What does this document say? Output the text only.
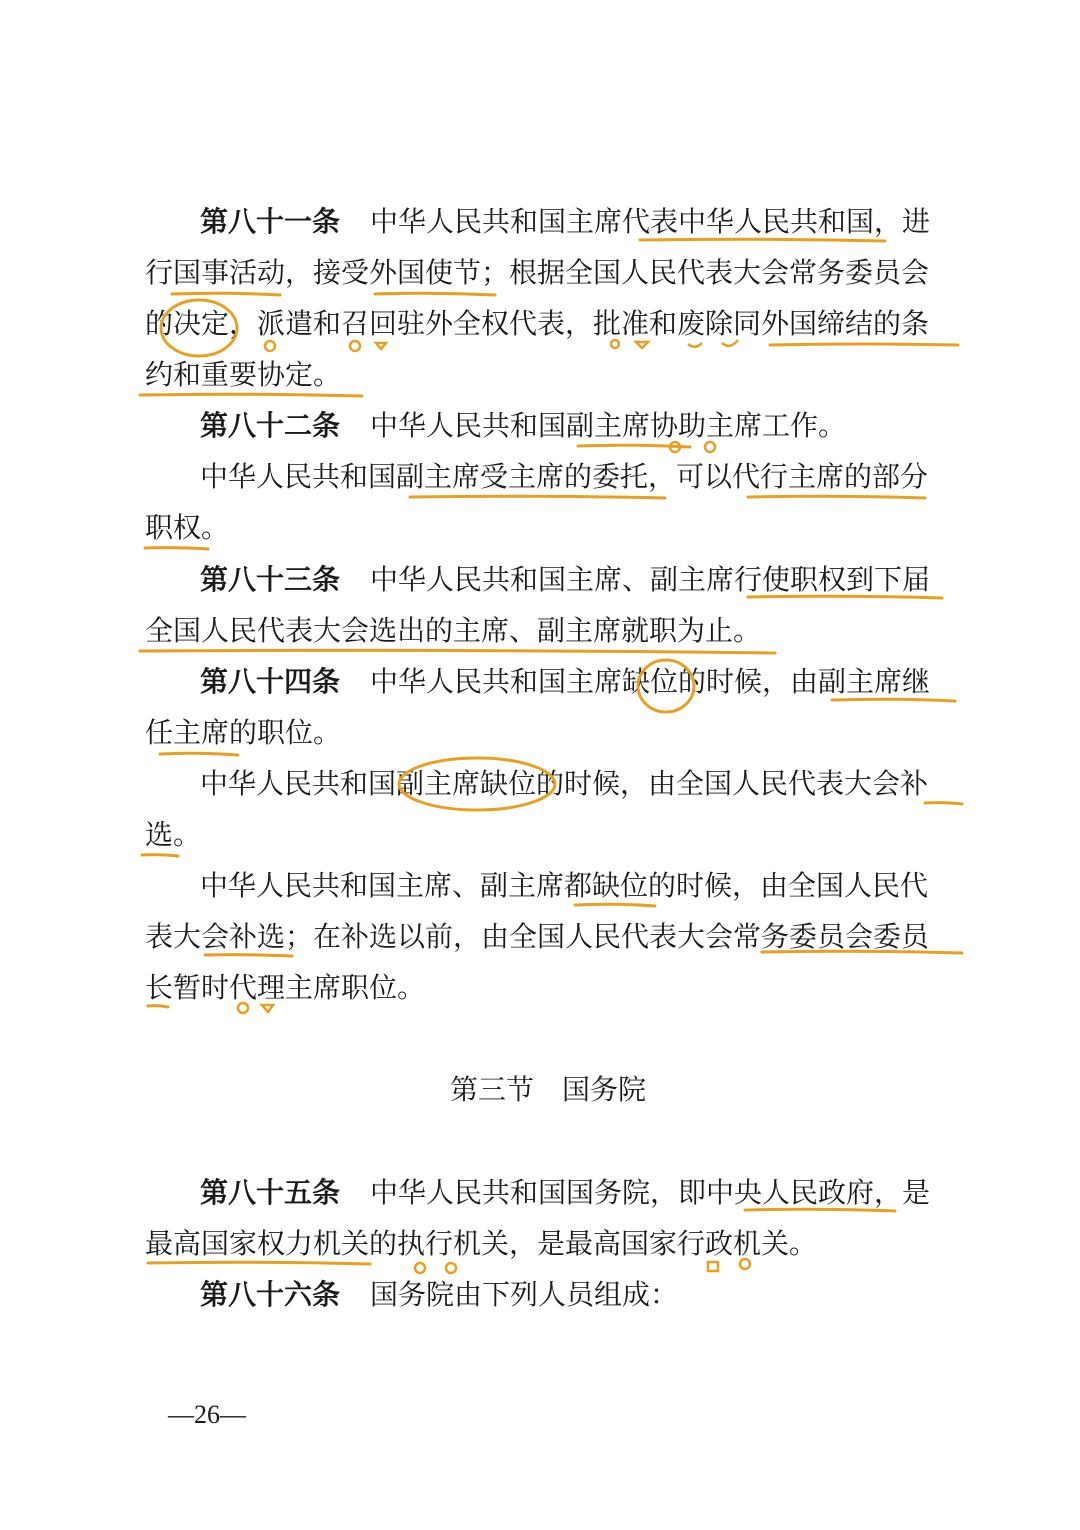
第八十一条 中华人民共和国主席代表中华人民共和国，进
行国事活动，接受外国使节；根据全国人民代表大会常务委员会
的决定，派遣和召回驻外全权代表，批准和废除同外国缔结的条
约和重要协定。
第八十二条 中华人民共和国副主席协助主席工作。
中华人民共和国副主席受主席的委托，可以代行主席的部分
职权。
第八十三条 中华人民共和国主席、副主席行使职权到下届
全国人民代表大会选出的主席、副主席就职为止。
第八十四条 中华人民共和国主席缺位的时候，由副主席继
任主席的职位。
中华人民共和国副主席缺位的时候，由全国人民代表大会补
选。
中华人民共和国主席、副主席都缺位的时候，由全国人民代
表大会补选；在补选以前，由全国人民代表大会常务委员会委员
长暂时代理主席职位。
第三节　国务院
第八十五条 中华人民共和国国务院，即中央人民政府，是
最高国家权力机关的执行机关，是最高国家行政机关。
第八十六条 国务院由下列人员组成：
—26—
